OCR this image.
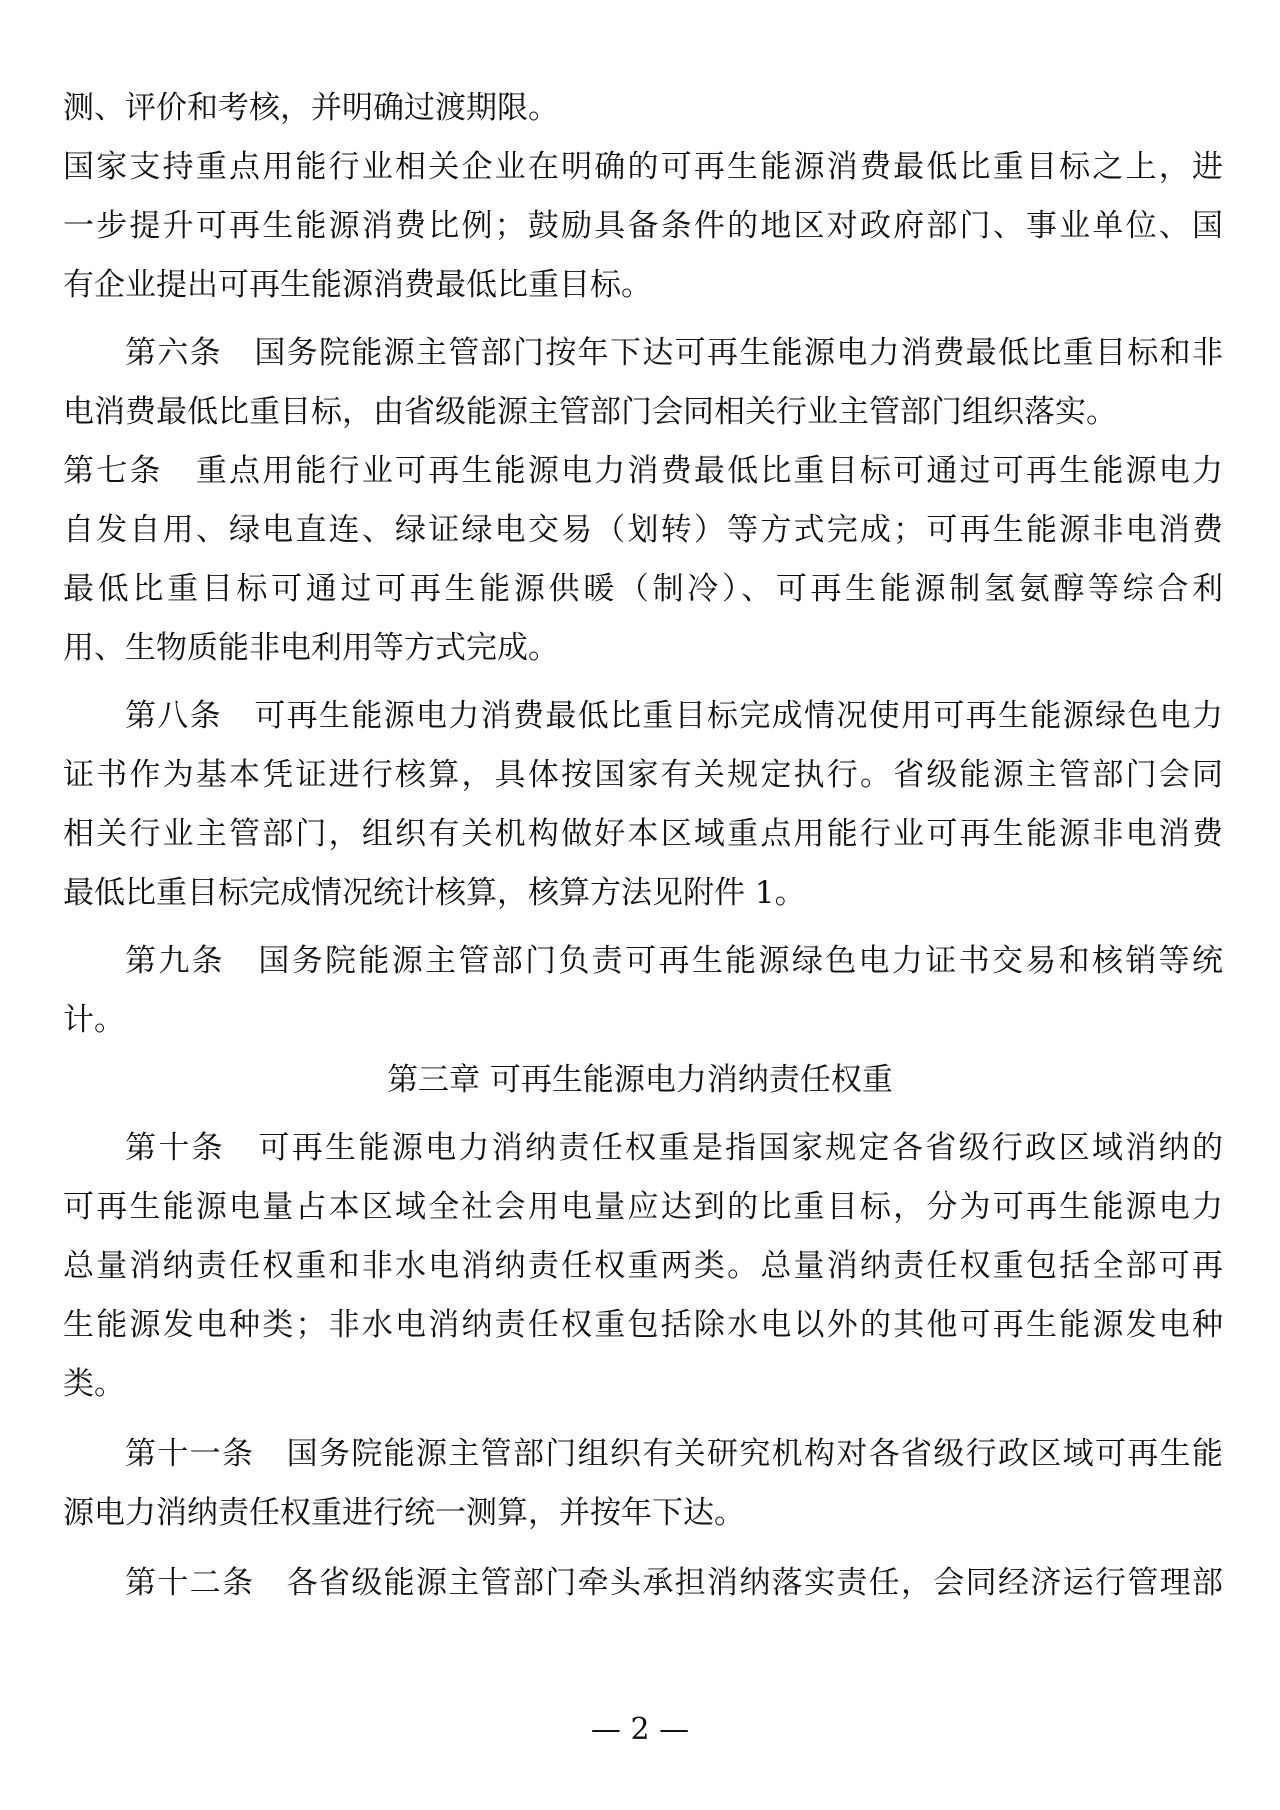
测、评价和考核，并明确过渡期限。
国家支持重点用能行业相关企业在明确的可再生能源消费最低比重目标之上，进
一步提升可再生能源消费比例；鼓励具备条件的地区对政府部门、事业单位、国
有企业提出可再生能源消费最低比重目标。
第六条　国务院能源主管部门按年下达可再生能源电力消费最低比重目标和非
电消费最低比重目标，由省级能源主管部门会同相关行业主管部门组织落实。
第七条　重点用能行业可再生能源电力消费最低比重目标可通过可再生能源电力
自发自用、绿电直连、绿证绿电交易（划转）等方式完成；可再生能源非电消费
最低比重目标可通过可再生能源供暖（制冷）、可再生能源制氢氨醇等综合利
用、生物质能非电利用等方式完成。
第八条　可再生能源电力消费最低比重目标完成情况使用可再生能源绿色电力
证书作为基本凭证进行核算，具体按国家有关规定执行。省级能源主管部门会同
相关行业主管部门，组织有关机构做好本区域重点用能行业可再生能源非电消费
最低比重目标完成情况统计核算，核算方法见附件 1。
第九条　国务院能源主管部门负责可再生能源绿色电力证书交易和核销等统
计。
第三章 可再生能源电力消纳责任权重
第十条　可再生能源电力消纳责任权重是指国家规定各省级行政区域消纳的
可再生能源电量占本区域全社会用电量应达到的比重目标，分为可再生能源电力
总量消纳责任权重和非水电消纳责任权重两类。总量消纳责任权重包括全部可再
生能源发电种类；非水电消纳责任权重包括除水电以外的其他可再生能源发电种
类。
第十一条　国务院能源主管部门组织有关研究机构对各省级行政区域可再生能
源电力消纳责任权重进行统一测算，并按年下达。
第十二条　各省级能源主管部门牵头承担消纳落实责任，会同经济运行管理部
— 2 —
